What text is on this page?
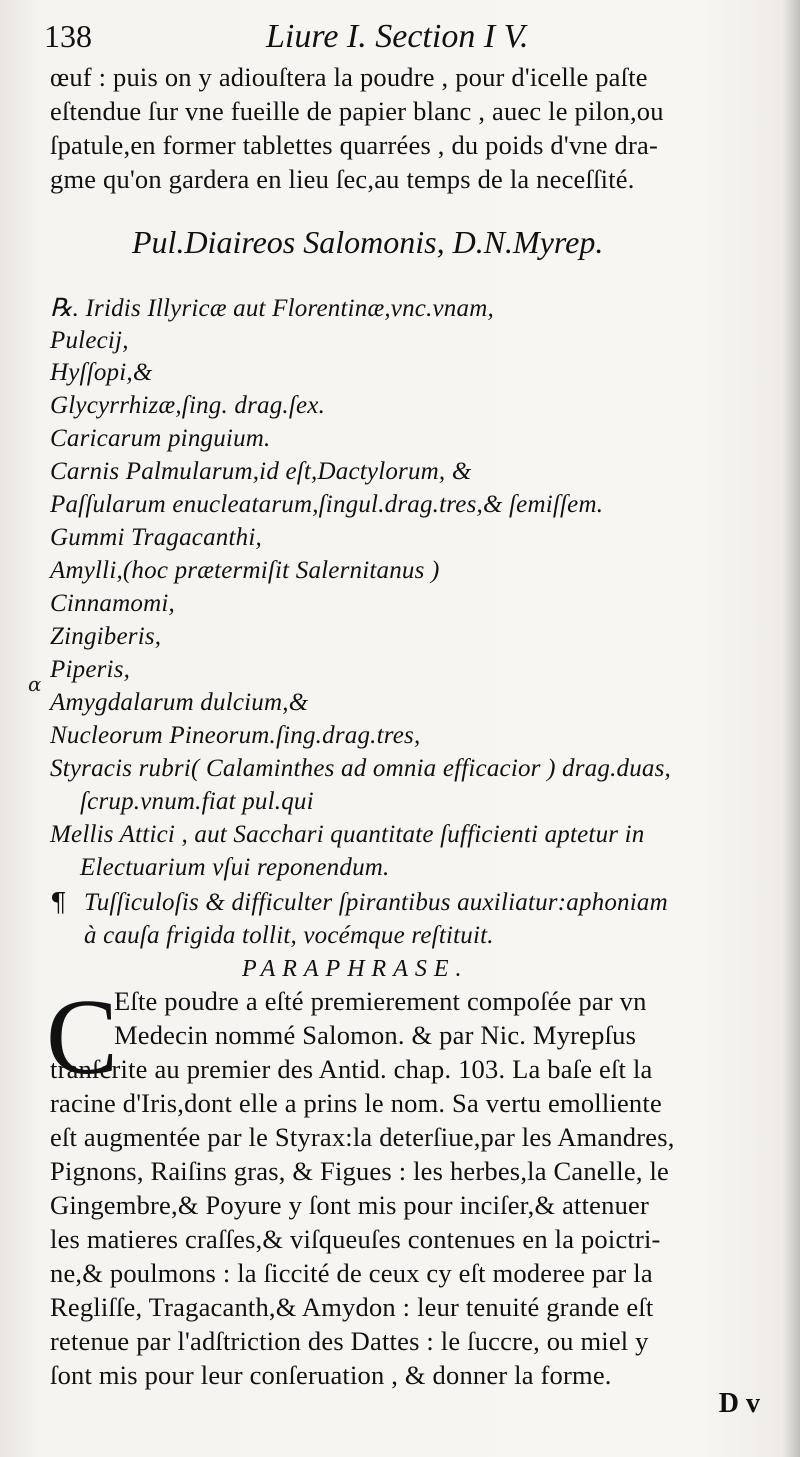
138	Liure I. Section I V.
œuf : puis on y adiouſtera la poudre , pour d'icelle paſte
eſtendue ſur vne fueille de papier blanc , auec le pilon,ou
ſpatule,en former tablettes quarrées , du poids d'vne dra-
gme qu'on gardera en lieu ſec,au temps de la neceſſité.
Pul.Diaireos Salomonis, D.N.Myrep.
℞. Iridis Illyricæ aut Florentinæ,vnc.vnam,
Pulecij,
Hyſſopi,&
Glycyrrhizæ,ſing. drag.ſex.
Caricarum pinguium.
Carnis Palmularum,id eſt,Dactylorum, &
Paſſularum enucleatarum,ſingul.drag.tres,& ſemiſſem.
Gummi Tragacanthi,
Amylli,(hoc prætermiſit Salernitanus )
Cinnamomi,
Zingiberis,
Piperis,
Amygdalarum dulcium,&
Nucleorum Pineorum.ſing.drag.tres,
Styracis rubri( Calaminthes ad omnia efficacior ) drag.duas,
ſcrup.vnum.fiat pul.qui
Mellis Attici , aut Sacchari quantitate ſufficienti aptetur in
Electuarium vſui reponendum.
ɑ
¶ Tuſſiculoſis & difficulter ſpirantibus auxiliatur:aphoniam
à cauſa frigida tollit, vocémque reſtituit.
PARAPHRASE.
C
Eſte poudre a eſté premierement compoſée par vn
Medecin nommé Salomon. & par Nic. Myrepſus
tranſcrite au premier des Antid. chap. 103. La baſe eſt la
racine d'Iris,dont elle a prins le nom. Sa vertu emolliente
eſt augmentée par le Styrax:la deterſiue,par les Amandres,
Pignons, Raiſins gras, & Figues : les herbes,la Canelle, le
Gingembre,& Poyure y ſont mis pour inciſer,& attenuer
les matieres craſſes,& viſqueuſes contenues en la poictri-
ne,& poulmons : la ſiccité de ceux cy eſt moderee par la
Regliſſe, Tragacanth,& Amydon : leur tenuité grande eſt
retenue par l'adſtriction des Dattes : le ſuccre, ou miel y
ſont mis pour leur conſeruation , & donner la forme.
D v
